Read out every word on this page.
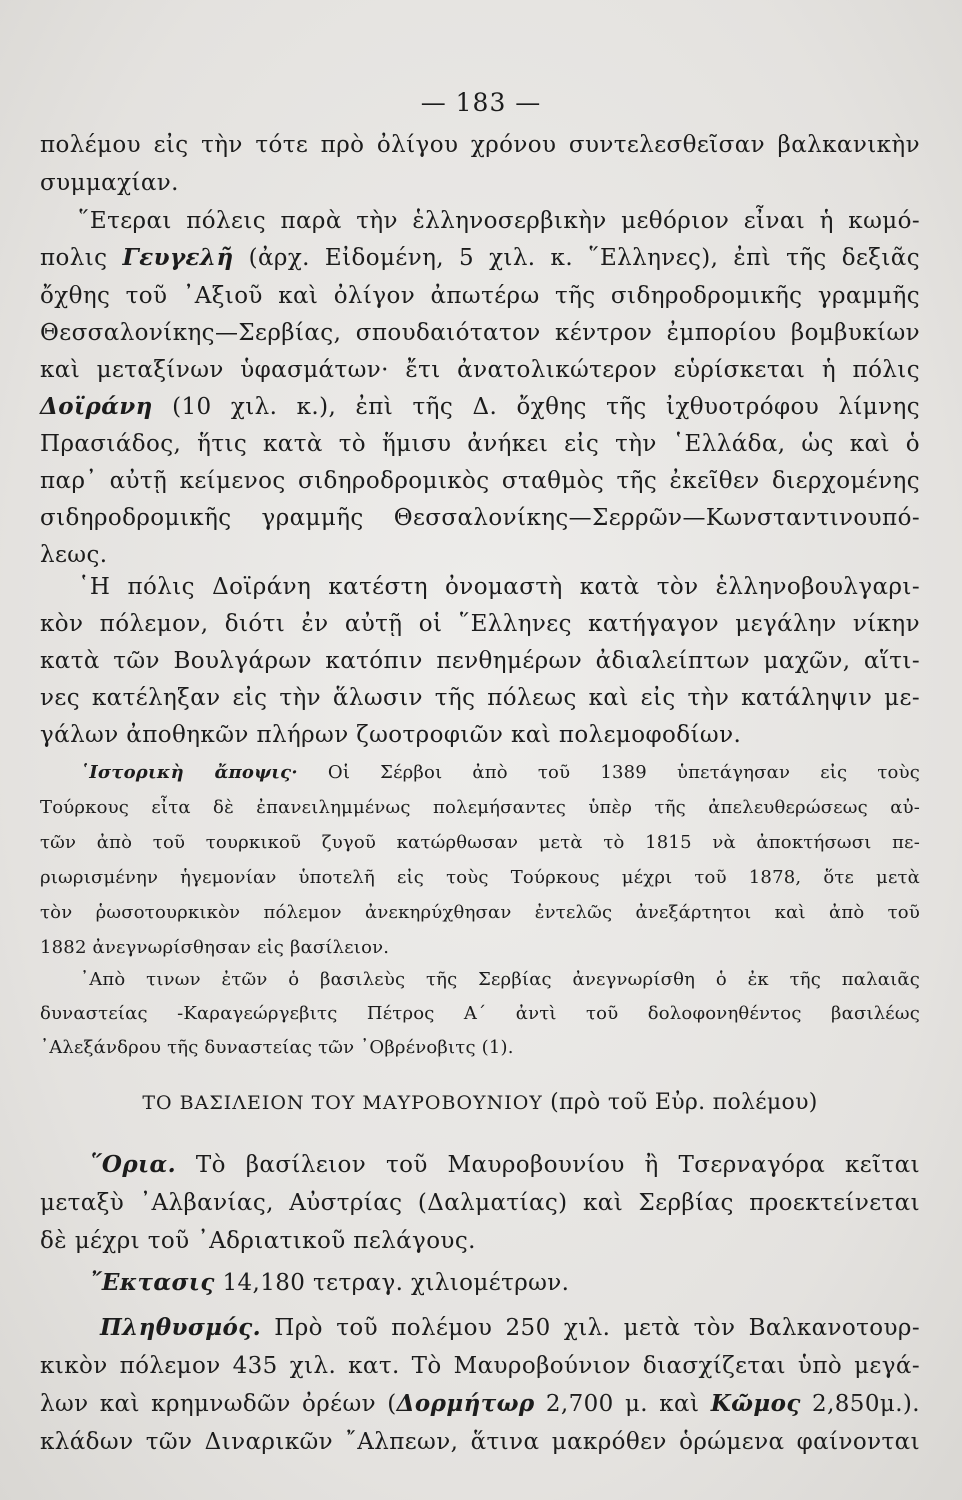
— 183 —
πολέμου εἰς τὴν τότε πρὸ ὀλίγου χρόνου συντελεσθεῖσαν βαλκανικὴν
συμμαχίαν.
῞Ετεραι πόλεις παρὰ τὴν ἑλληνοσερβικὴν μεθόριον εἶναι ἡ κωμό-
πολις Γευγελῆ (ἀρχ. Εἰδομένη, 5 χιλ. κ. ῞Ελληνες), ἐπὶ τῆς δεξιᾶς
ὄχθης τοῦ ᾿Αξιοῦ καὶ ὀλίγον ἀπωτέρω τῆς σιδηροδρομικῆς γραμμῆς
Θεσσαλονίκης—Σερβίας, σπουδαιότατον κέντρον ἐμπορίου βομβυκίων
καὶ μεταξίνων ὑφασμάτων· ἔτι ἀνατολικώτερον εὑρίσκεται ἡ πόλις
Δοϊράνη (10 χιλ. κ.), ἐπὶ τῆς Δ. ὄχθης τῆς ἰχθυοτρόφου λίμνης
Πρασιάδος, ἥτις κατὰ τὸ ἥμισυ ἀνήκει εἰς τὴν ῾Ελλάδα, ὡς καὶ ὁ
παρ᾽ αὐτῇ κείμενος σιδηροδρομικὸς σταθμὸς τῆς ἐκεῖθεν διερχομένης
σιδηροδρομικῆς γραμμῆς Θεσσαλονίκης—Σερρῶν—Κωνσταντινουπό-
λεως.
῾Η πόλις Δοϊράνη κατέστη ὀνομαστὴ κατὰ τὸν ἑλληνοβουλγαρι-
κὸν πόλεμον, διότι ἐν αὐτῇ οἱ ῞Ελληνες κατήγαγον μεγάλην νίκην
κατὰ τῶν Βουλγάρων κατόπιν πενθημέρων ἀδιαλείπτων μαχῶν, αἵτι-
νες κατέληξαν εἰς τὴν ἅλωσιν τῆς πόλεως καὶ εἰς τὴν κατάληψιν με-
γάλων ἀποθηκῶν πλήρων ζωοτροφιῶν καὶ πολεμοφοδίων.
῾Ιστορικὴ ἄποψις· Οἱ Σέρβοι ἀπὸ τοῦ 1389 ὑπετάγησαν εἰς τοὺς
Τούρκους εἶτα δὲ ἐπανειλημμένως πολεμήσαντες ὑπὲρ τῆς ἀπελευθερώσεως αὐ-
τῶν ἀπὸ τοῦ τουρκικοῦ ζυγοῦ κατώρθωσαν μετὰ τὸ 1815 νὰ ἀποκτήσωσι πε-
ριωρισμένην ἡγεμονίαν ὑποτελῆ εἰς τοὺς Τούρκους μέχρι τοῦ 1878, ὅτε μετὰ
τὸν ῥωσοτουρκικὸν πόλεμον ἀνεκηρύχθησαν ἐντελῶς ἀνεξάρτητοι καὶ ἀπὸ τοῦ
1882 ἀνεγνωρίσθησαν εἰς βασίλειον.
᾿Απὸ τινων ἐτῶν ὁ βασιλεὺς τῆς Σερβίας ἀνεγνωρίσθη ὁ ἐκ τῆς παλαιᾶς
δυναστείας -Καραγεώργεβιτς Πέτρος Α΄ ἀντὶ τοῦ δολοφονηθέντος βασιλέως
᾿Αλεξάνδρου τῆς δυναστείας τῶν ᾿Οβρένοβιτς (1).
ΤΟ ΒΑΣΙΛΕΙΟΝ ΤΟΥ ΜΑΥΡΟΒΟΥΝΙΟΥ (πρὸ τοῦ Εὐρ. πολέμου)
῞Ορια. Τὸ βασίλειον τοῦ Μαυροβουνίου ἢ Τσερναγόρα κεῖται
μεταξὺ ᾿Αλβανίας, Αὐστρίας (Δαλματίας) καὶ Σερβίας προεκτείνεται
δὲ μέχρι τοῦ ᾿Αδριατικοῦ πελάγους.
῎Εκτασις 14,180 τετραγ. χιλιομέτρων.
Πληθυσμός. Πρὸ τοῦ πολέμου 250 χιλ. μετὰ τὸν Βαλκανοτουρ-
κικὸν πόλεμον 435 χιλ. κατ. Τὸ Μαυροβούνιον διασχίζεται ὑπὸ μεγά-
λων καὶ κρημνωδῶν ὀρέων (Δορμήτωρ 2,700 μ. καὶ Κῶμος 2,850μ.).
κλάδων τῶν Διναρικῶν ῎Αλπεων, ἅτινα μακρόθεν ὁρώμενα φαίνονται
